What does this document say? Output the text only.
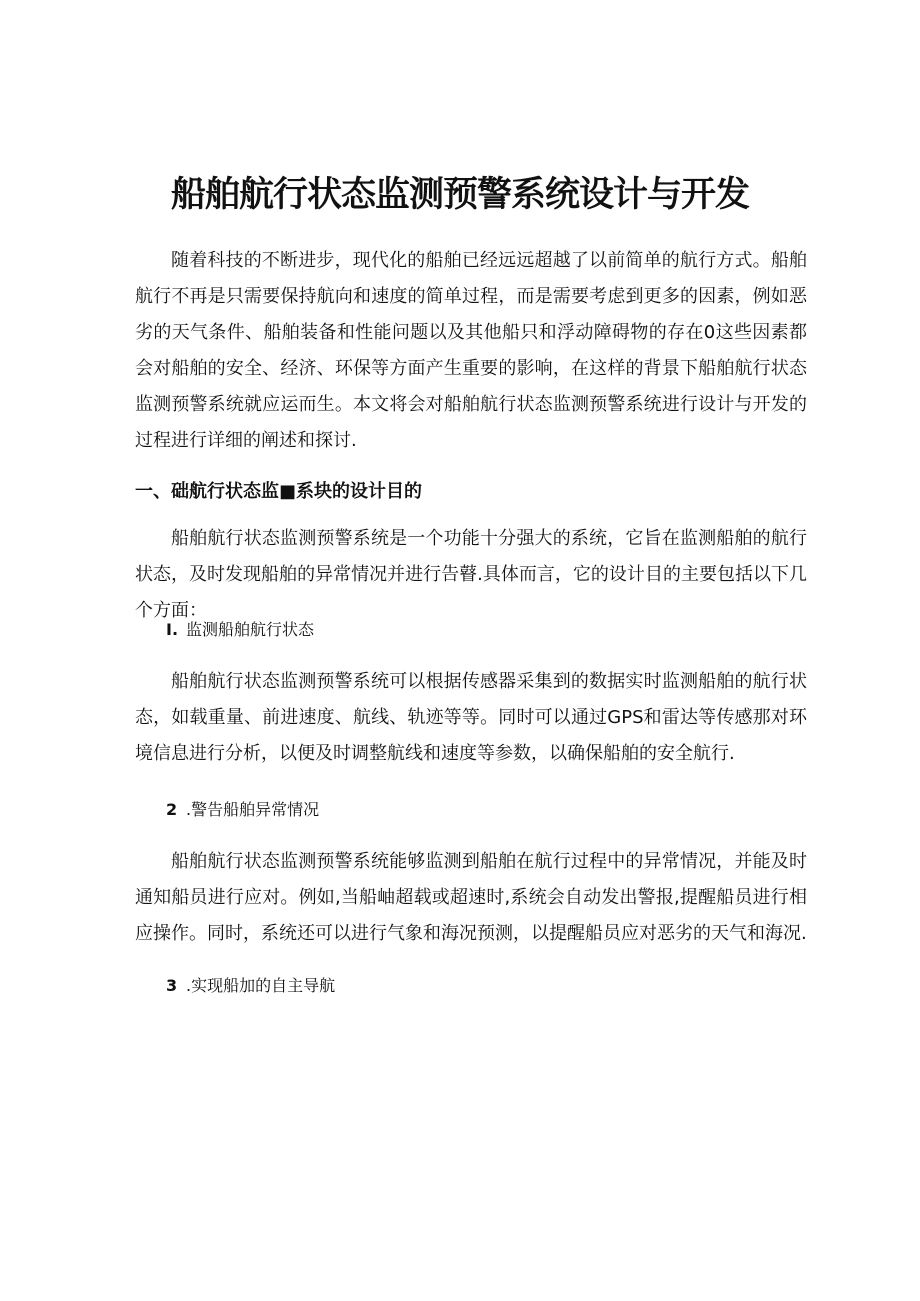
船舶航行状态监测预警系统设计与开发

随着科技的不断进步，现代化的船舶已经远远超越了以前简单的航行方式。船舶航行不再是只需要保持航向和速度的简单过程，而是需要考虑到更多的因素，例如恶劣的天气条件、船舶装备和性能问题以及其他船只和浮动障碍物的存在0这些因素都会对船舶的安全、经济、环保等方面产生重要的影响，在这样的背景下船舶航行状态监测预警系统就应运而生。本文将会对船舶航行状态监测预警系统进行设计与开发的过程进行详细的阐述和探讨.

一、础航行状态监■系块的设计目的

船舶航行状态监测预警系统是一个功能十分强大的系统，它旨在监测船舶的航行状态，及时发现船舶的异常情况并进行告瞽.具体而言，它的设计目的主要包括以下几个方面：

I. 监测船舶航行状态

船舶航行状态监测预警系统可以根据传感器采集到的数据实时监测船舶的航行状态，如载重量、前进速度、航线、轨迹等等。同时可以通过GPS和雷达等传感那对环境信息进行分析，以便及时调整航线和速度等参数，以确保船舶的安全航行.

2 .警告船舶异常情况

船舶航行状态监测预警系统能够监测到船舶在航行过程中的异常情况，并能及时通知船员进行应对。例如,当船岫超载或超速时,系统会自动发出警报,提醒船员进行相应操作。同时，系统还可以进行气象和海况预测，以提醒船员应对恶劣的天气和海况.

3 .实现船加的自主导航
